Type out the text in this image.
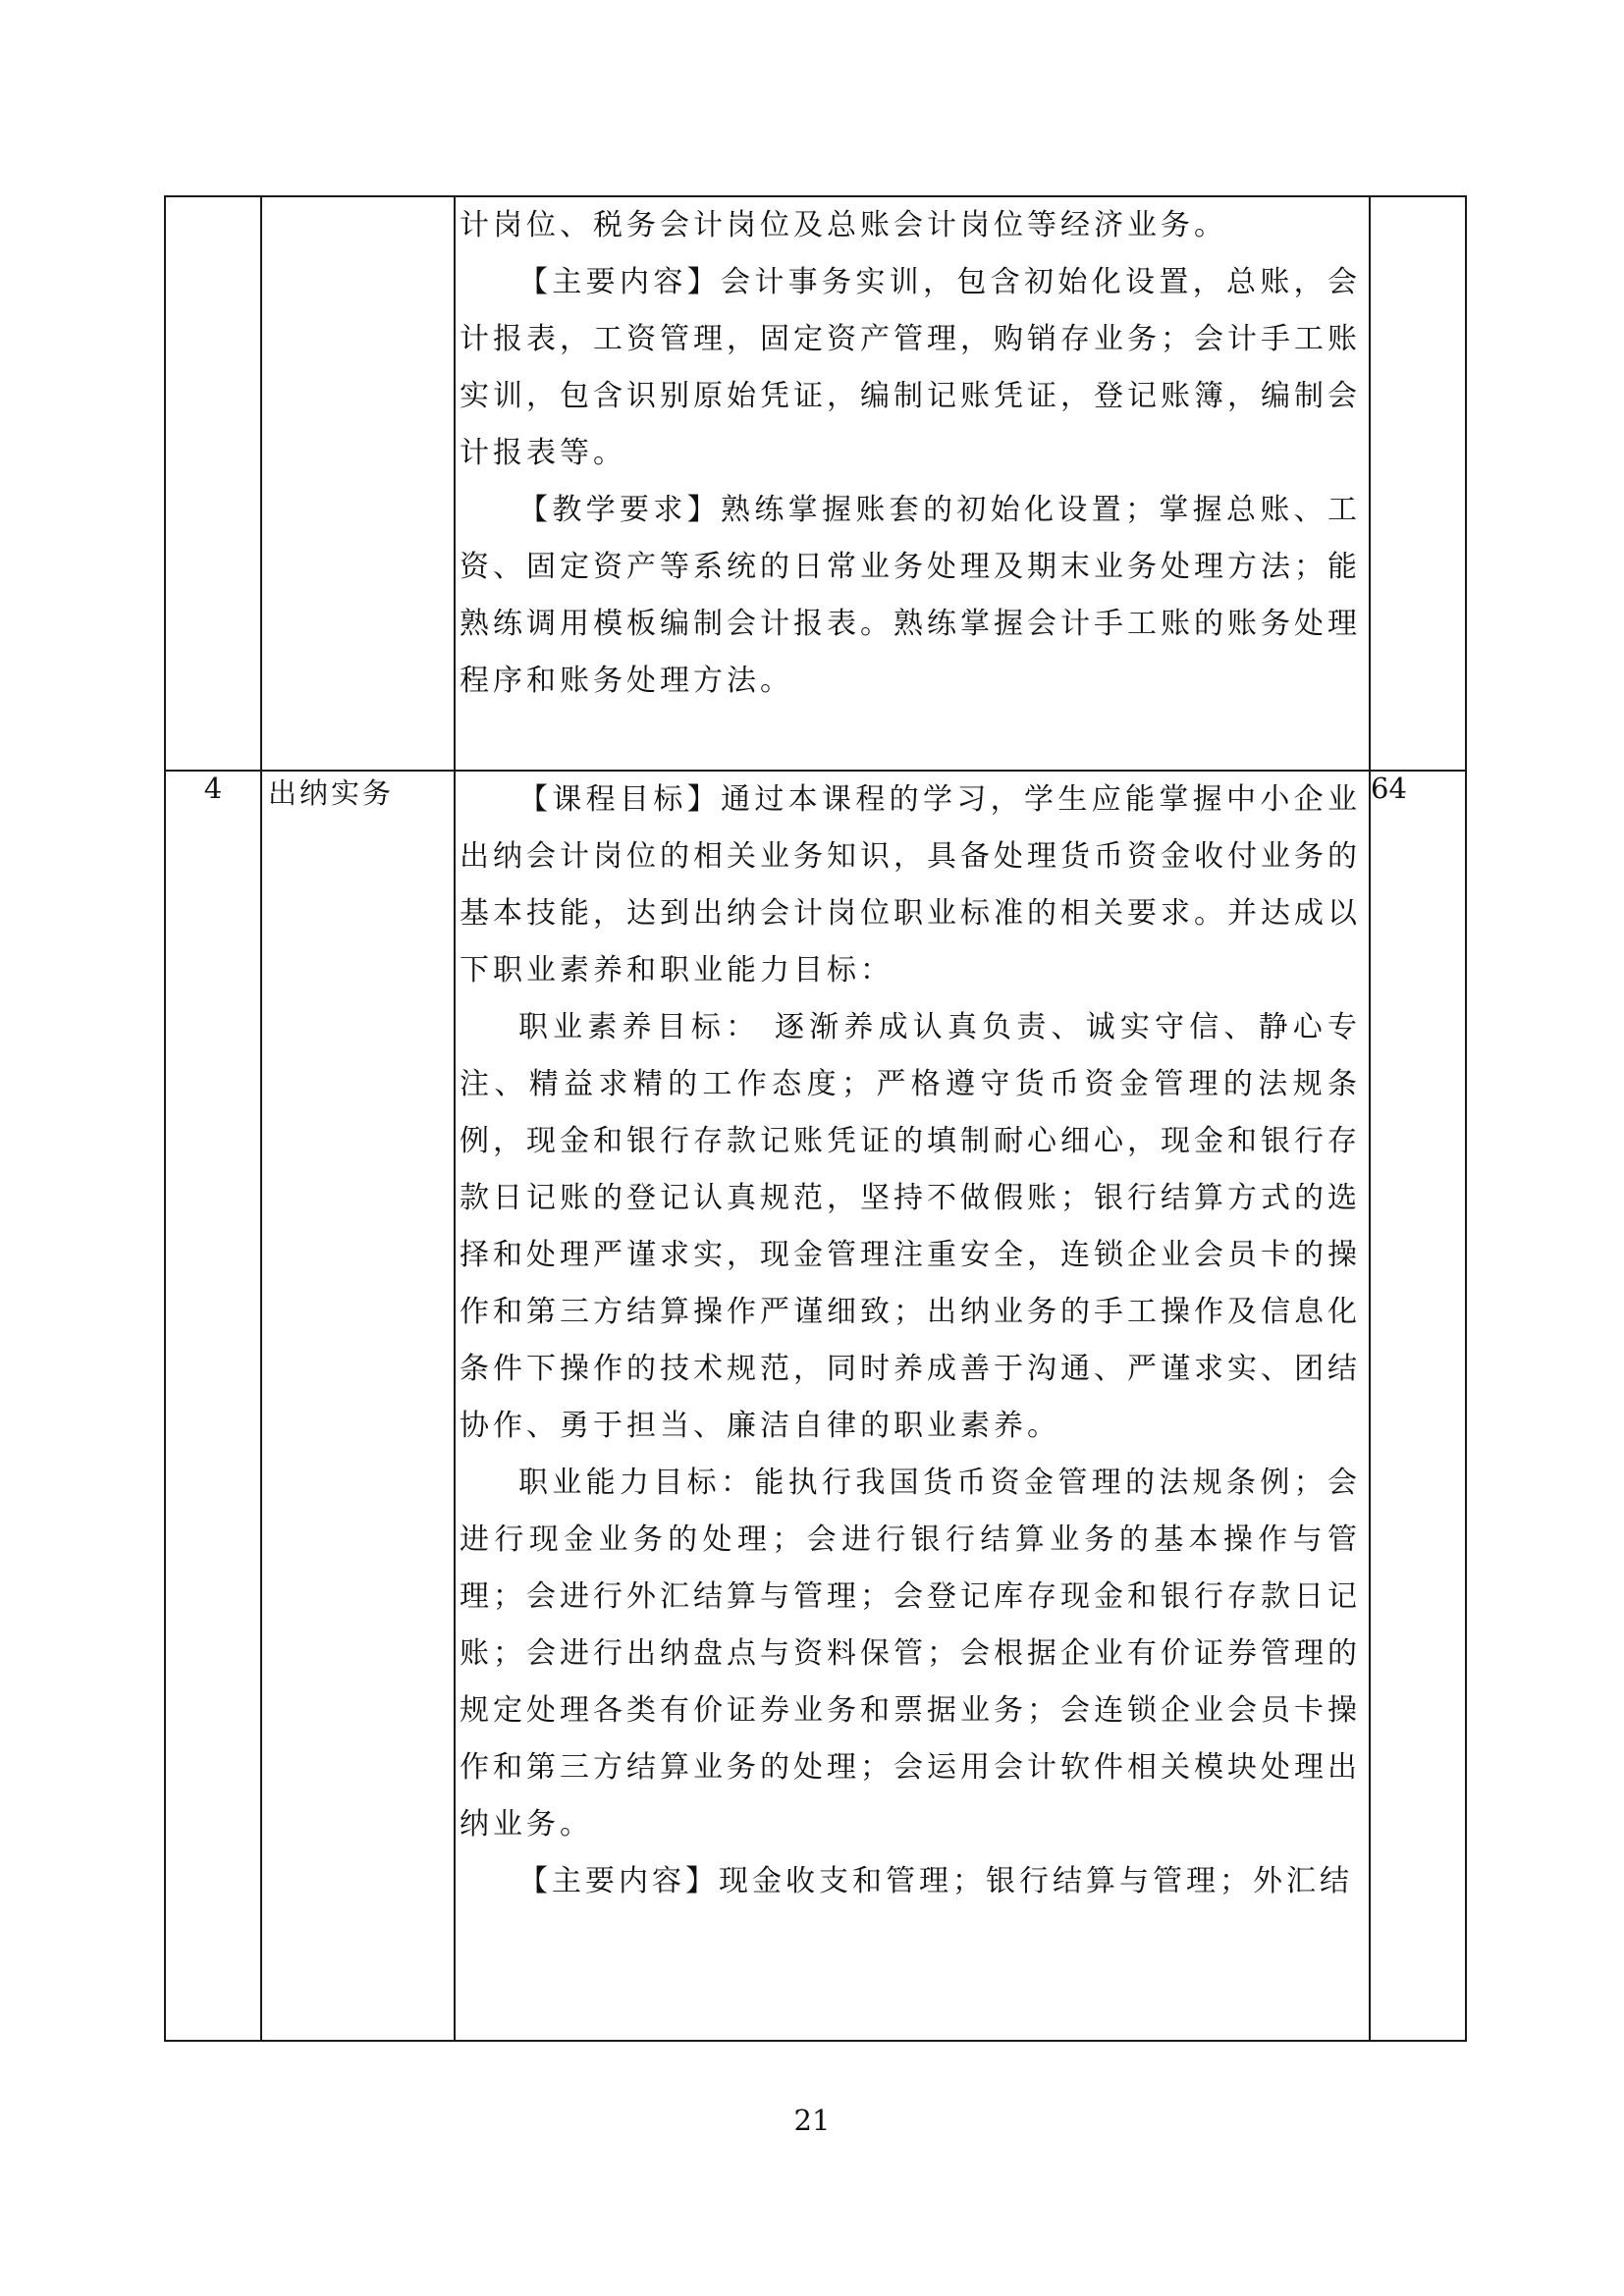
		计岗位、税务会计岗位及总账会计岗位等经济业务。

【主要内容】会计事务实训，包含初始化设置，总账，会计报表，工资管理，固定资产管理，购销存业务；会计手工账实训，包含识别原始凭证，编制记账凭证，登记账簿，编制会计报表等。

【教学要求】熟练掌握账套的初始化设置；掌握总账、工资、固定资产等系统的日常业务处理及期末业务处理方法；能熟练调用模板编制会计报表。熟练掌握会计手工账的账务处理程序和账务处理方法。	

4	出纳实务	【课程目标】通过本课程的学习，学生应能掌握中小企业出纳会计岗位的相关业务知识，具备处理货币资金收付业务的基本技能，达到出纳会计岗位职业标准的相关要求。并达成以下职业素养和职业能力目标：

职业素养目标： 逐渐养成认真负责、诚实守信、静心专注、精益求精的工作态度；严格遵守货币资金管理的法规条例，现金和银行存款记账凭证的填制耐心细心，现金和银行存款日记账的登记认真规范，坚持不做假账；银行结算方式的选择和处理严谨求实，现金管理注重安全，连锁企业会员卡的操作和第三方结算操作严谨细致；出纳业务的手工操作及信息化条件下操作的技术规范，同时养成善于沟通、严谨求实、团结协作、勇于担当、廉洁自律的职业素养。

职业能力目标：能执行我国货币资金管理的法规条例；会进行现金业务的处理；会进行银行结算业务的基本操作与管理；会进行外汇结算与管理；会登记库存现金和银行存款日记账；会进行出纳盘点与资料保管；会根据企业有价证券管理的规定处理各类有价证券业务和票据业务；会连锁企业会员卡操作和第三方结算业务的处理；会运用会计软件相关模块处理出纳业务。

【主要内容】现金收支和管理；银行结算与管理；外汇结	64
21
